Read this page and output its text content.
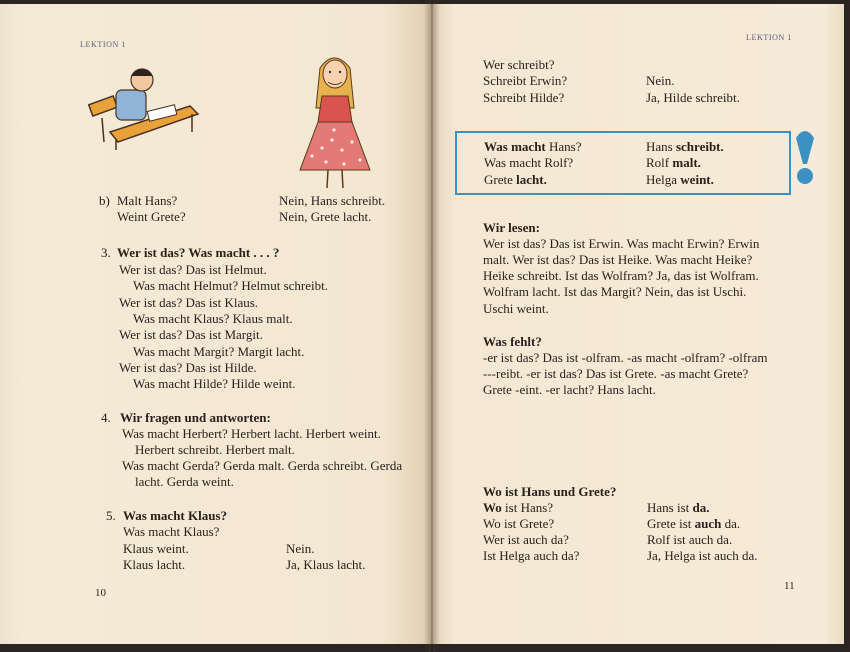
LEKTION 1
b) Malt Hans?	Nein, Hans schreibt.
Weint Grete?	Nein, Grete lacht.
3. Wer ist das? Was macht . . . ?
Wer ist das? Das ist Helmut.
Was macht Helmut? Helmut schreibt.
Wer ist das? Das ist Klaus.
Was macht Klaus? Klaus malt.
Wer ist das? Das ist Margit.
Was macht Margit? Margit lacht.
Wer ist das? Das ist Hilde.
Was macht Hilde? Hilde weint.
4. Wir fragen und antworten:
Was macht Herbert? Herbert lacht. Herbert weint.
Herbert schreibt. Herbert malt.
Was macht Gerda? Gerda malt. Gerda schreibt. Gerda
lacht. Gerda weint.
5. Was macht Klaus?
Was macht Klaus?
Klaus weint.	Nein.
Klaus lacht.	Ja, Klaus lacht.
10
LEKTION 1
Wer schreibt?
Schreibt Erwin?	Nein.
Schreibt Hilde?	Ja, Hilde schreibt.
Was macht Hans?	Hans schreibt.
Was macht Rolf?	Rolf malt.
Grete lacht.	Helga weint.
Wir lesen:
Wer ist das? Das ist Erwin. Was macht Erwin? Erwin
malt. Wer ist das? Das ist Heike. Was macht Heike?
Heike schreibt. Ist das Wolfram? Ja, das ist Wolfram.
Wolfram lacht. Ist das Margit? Nein, das ist Uschi.
Uschi weint.
Was fehlt?
-er ist das? Das ist -olfram. -as macht -olfram? -olfram
---reibt. -er ist das? Das ist Grete. -as macht Grete?
Grete -eint. -er lacht? Hans lacht.
Wo ist Hans und Grete?
Wo ist Hans?	Hans ist da.
Wo ist Grete?	Grete ist auch da.
Wer ist auch da?	Rolf ist auch da.
Ist Helga auch da?	Ja, Helga ist auch da.
11
